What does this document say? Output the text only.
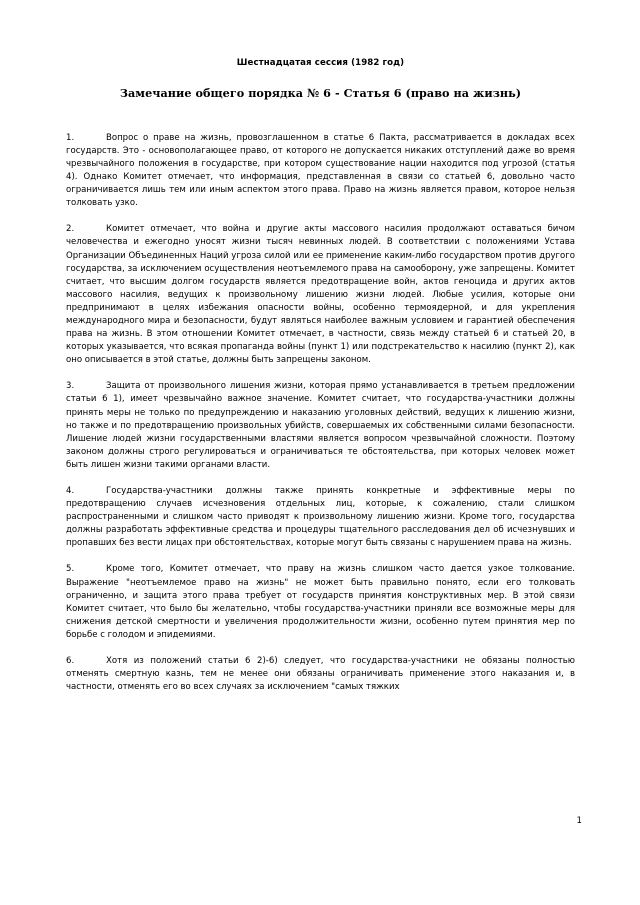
Шестнадцатая сессия (1982 год)
Замечание общего порядка № 6 - Статья 6 (право на жизнь)

1.	Вопрос о праве на жизнь, провозглашенном в статье 6 Пакта, рассматривается в докладах всех государств. Это - основополагающее право, от которого не допускается никаких отступлений даже во время чрезвычайного положения в государстве, при котором существование нации находится под угрозой (статья 4). Однако Комитет отмечает, что информация, представленная в связи со статьей 6, довольно часто ограничивается лишь тем или иным аспектом этого права. Право на жизнь является правом, которое нельзя толковать узко.

2.	Комитет отмечает, что война и другие акты массового насилия продолжают оставаться бичом человечества и ежегодно уносят жизни тысяч невинных людей. В соответствии с положениями Устава Организации Объединенных Наций угроза силой или ее применение каким-либо государством против другого государства, за исключением осуществления неотъемлемого права на самооборону, уже запрещены. Комитет считает, что высшим долгом государств является предотвращение войн, актов геноцида и других актов массового насилия, ведущих к произвольному лишению жизни людей. Любые усилия, которые они предпринимают в целях избежания опасности войны, особенно термоядерной, и для укрепления международного мира и безопасности, будут являться наиболее важным условием и гарантией обеспечения права на жизнь. В этом отношении Комитет отмечает, в частности, связь между статьей 6 и статьей 20, в которых указывается, что всякая пропаганда войны (пункт 1) или подстрекательство к насилию (пункт 2), как оно описывается в этой статье, должны быть запрещены законом.

3.	Защита от произвольного лишения жизни, которая прямо устанавливается в третьем предложении статьи 6 1), имеет чрезвычайно важное значение. Комитет считает, что государства-участники должны принять меры не только по предупреждению и наказанию уголовных действий, ведущих к лишению жизни, но также и по предотвращению произвольных убийств, совершаемых их собственными силами безопасности. Лишение людей жизни государственными властями является вопросом чрезвычайной сложности. Поэтому законом должны строго регулироваться и ограничиваться те обстоятельства, при которых человек может быть лишен жизни такими органами власти.

4.	Государства-участники должны также принять конкретные и эффективные меры по предотвращению случаев исчезновения отдельных лиц, которые, к сожалению, стали слишком распространенными и слишком часто приводят к произвольному лишению жизни. Кроме того, государства должны разработать эффективные средства и процедуры тщательного расследования дел об исчезнувших и пропавших без вести лицах при обстоятельствах, которые могут быть связаны с нарушением права на жизнь.

5.	Кроме того, Комитет отмечает, что праву на жизнь слишком часто дается узкое толкование. Выражение "неотъемлемое право на жизнь" не может быть правильно понято, если его толковать ограниченно, и защита этого права требует от государств принятия конструктивных мер. В этой связи Комитет считает, что было бы желательно, чтобы государства-участники приняли все возможные меры для снижения детской смертности и увеличения продолжительности жизни, особенно путем принятия мер по борьбе с голодом и эпидемиями.

6.	Хотя из положений статьи 6 2)-6) следует, что государства-участники не обязаны полностью отменять смертную казнь, тем не менее они обязаны ограничивать применение этого наказания и, в частности, отменять его во всех случаях за исключением "самых тяжких

1
